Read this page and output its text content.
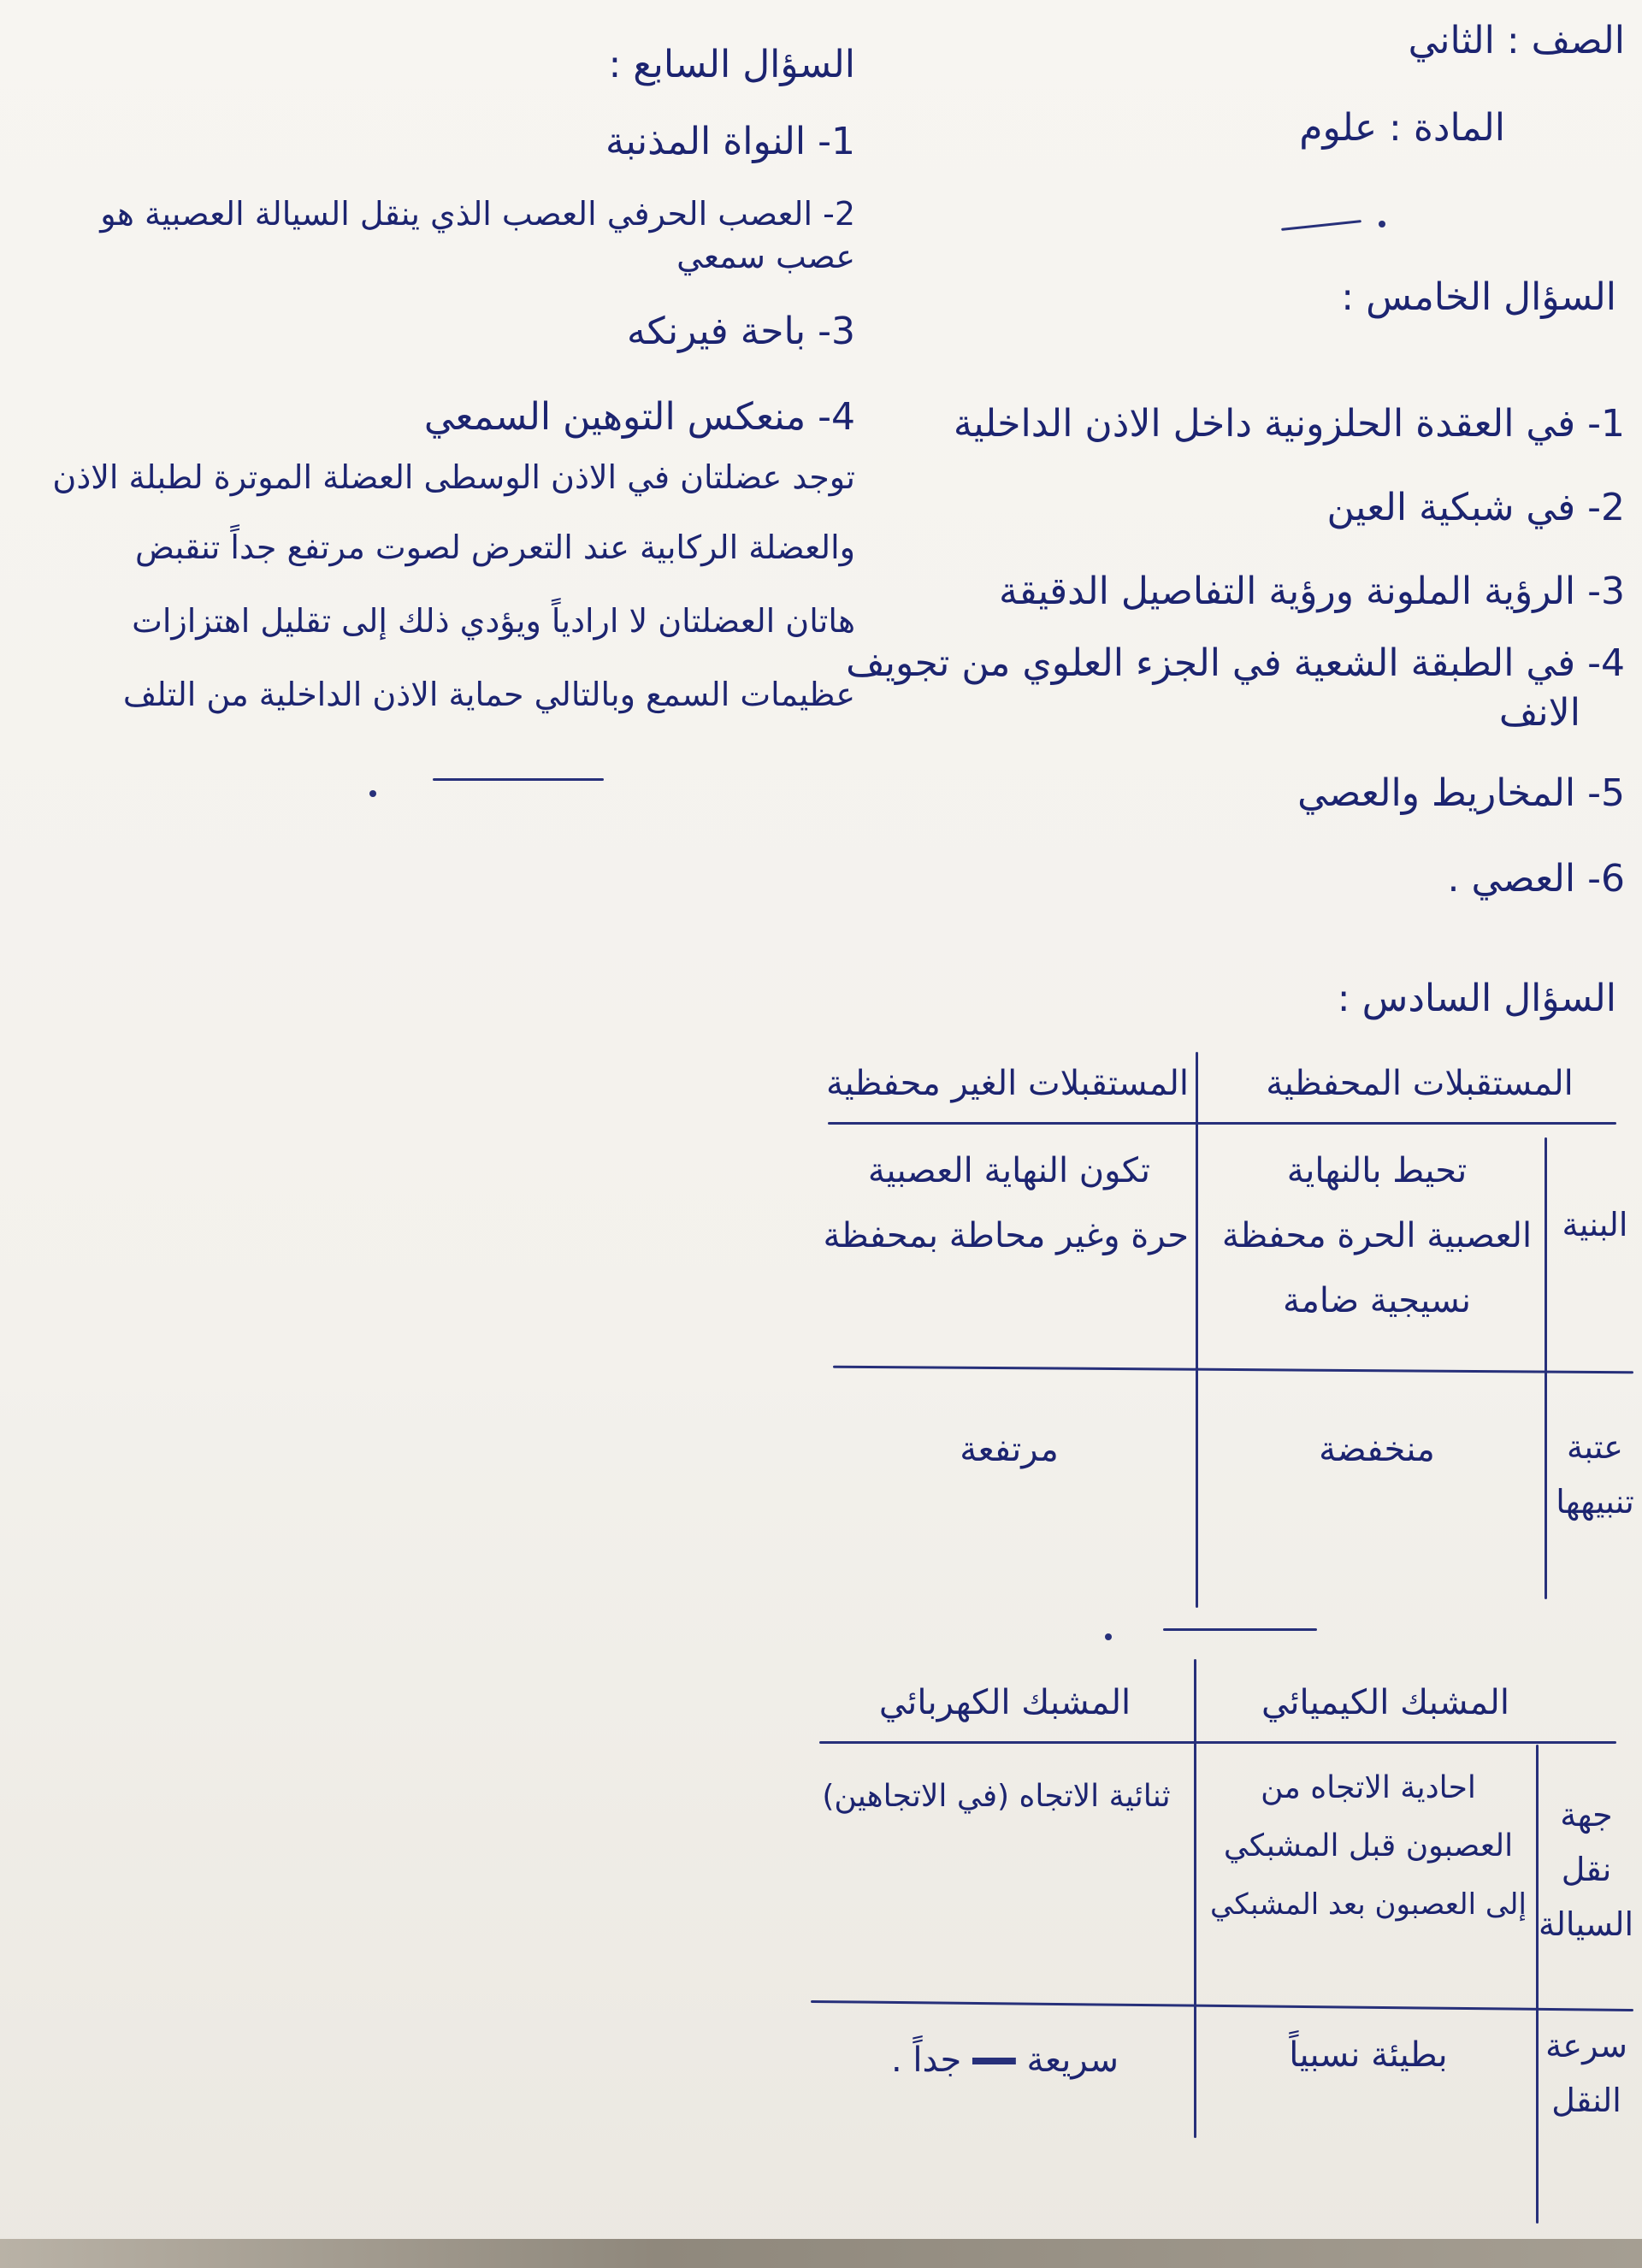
الصف : الثاني
المادة : علوم
السؤال الخامس :
1- في العقدة الحلزونية داخل الاذن الداخلية
2- في شبكية العين
3- الرؤية الملونة ورؤية التفاصيل الدقيقة
4- في الطبقة الشعية في الجزء العلوي من تجويف
الانف
5- المخاريط والعصي
6- العصي .
السؤال السابع :
1- النواة المذنبة
2- العصب الحرفي العصب الذي ينقل السيالة العصبية هو
عصب سمعي
3- باحة فيرنكه
4- منعكس التوهين السمعي
توجد عضلتان في الاذن الوسطى العضلة الموترة لطبلة الاذن
والعضلة الركابية عند التعرض لصوت مرتفع جداً تنقبض
هاتان العضلتان لا ارادياً ويؤدي ذلك إلى تقليل اهتزازات
عظيمات السمع وبالتالي حماية الاذن الداخلية من التلف
السؤال السادس :
المستقبلات المحفظية
المستقبلات الغير محفظية
البنية
تحيط بالنهاية
العصبية الحرة محفظة
نسيجية ضامة
تكون النهاية العصبية
حرة وغير محاطة بمحفظة
عتبة تنبيهها
منخفضة
مرتفعة
المشبك الكيميائي
المشبك الكهربائي
جهة نقل السيالة
احادية الاتجاه من
العصبون قبل المشبكي
إلى العصبون بعد المشبكي
ثنائية الاتجاه (في الاتجاهين)
سرعة النقل
بطيئة نسبياً
سريعة      جداً .
